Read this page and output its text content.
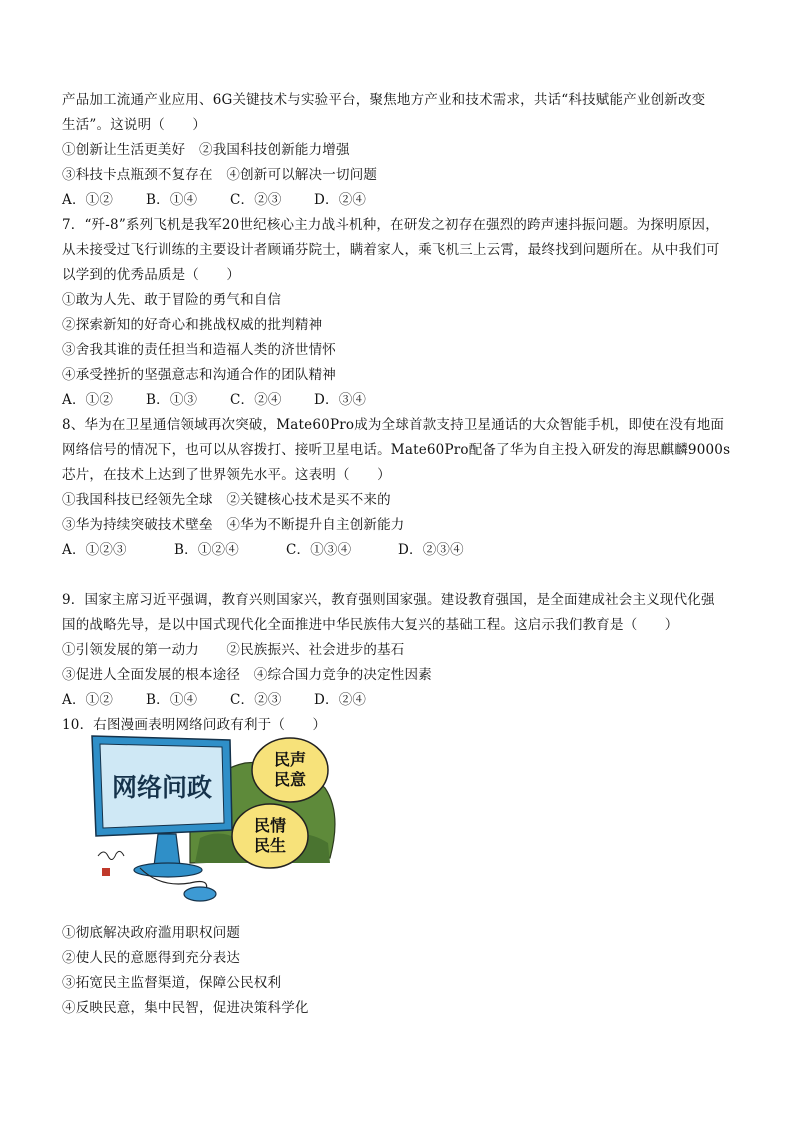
产品加工流通产业应用、6G关键技术与实验平台，聚焦地方产业和技术需求，共话“科技赋能产业创新改变
生活”。这说明（　　）
①创新让生活更美好　②我国科技创新能力增强
③科技卡点瓶颈不复存在　④创新可以解决一切问题
A．①② B．①④ C．②③ D．②④
7．“歼-8”系列飞机是我军20世纪核心主力战斗机种，在研发之初存在强烈的跨声速抖振问题。为探明原因，
从未接受过飞行训练的主要设计者顾诵芬院士，瞒着家人，乘飞机三上云霄，最终找到问题所在。从中我们可
以学到的优秀品质是（　　）
①敢为人先、敢于冒险的勇气和自信
②探索新知的好奇心和挑战权威的批判精神
③舍我其谁的责任担当和造福人类的济世情怀
④承受挫折的坚强意志和沟通合作的团队精神
A．①② B．①③ C．②④ D．③④
8、华为在卫星通信领域再次突破，Mate60Pro成为全球首款支持卫星通话的大众智能手机，即使在没有地面
网络信号的情况下，也可以从容拨打、接听卫星电话。Mate60Pro配备了华为自主投入研发的海思麒麟9000s
芯片，在技术上达到了世界领先水平。这表明（　　）
①我国科技已经领先全球　②关键核心技术是买不来的
③华为持续突破技术壁垒　④华为不断提升自主创新能力
A．①②③	B．①②④	C．①③④	D．②③④
9．国家主席习近平强调，教育兴则国家兴，教育强则国家强。建设教育强国，是全面建成社会主义现代化强
国的战略先导，是以中国式现代化全面推进中华民族伟大复兴的基础工程。这启示我们教育是（　　）
①引领发展的第一动力　　②民族振兴、社会进步的基石
③促进人全面发展的根本途径　④综合国力竞争的决定性因素
A．①② B．①④ C．②③ D．②④
10．右图漫画表明网络问政有利于（　　）
网络问政
民声
民意
民情
民生
①彻底解决政府滥用职权问题
②使人民的意愿得到充分表达
③拓宽民主监督渠道，保障公民权利
④反映民意，集中民智，促进决策科学化
